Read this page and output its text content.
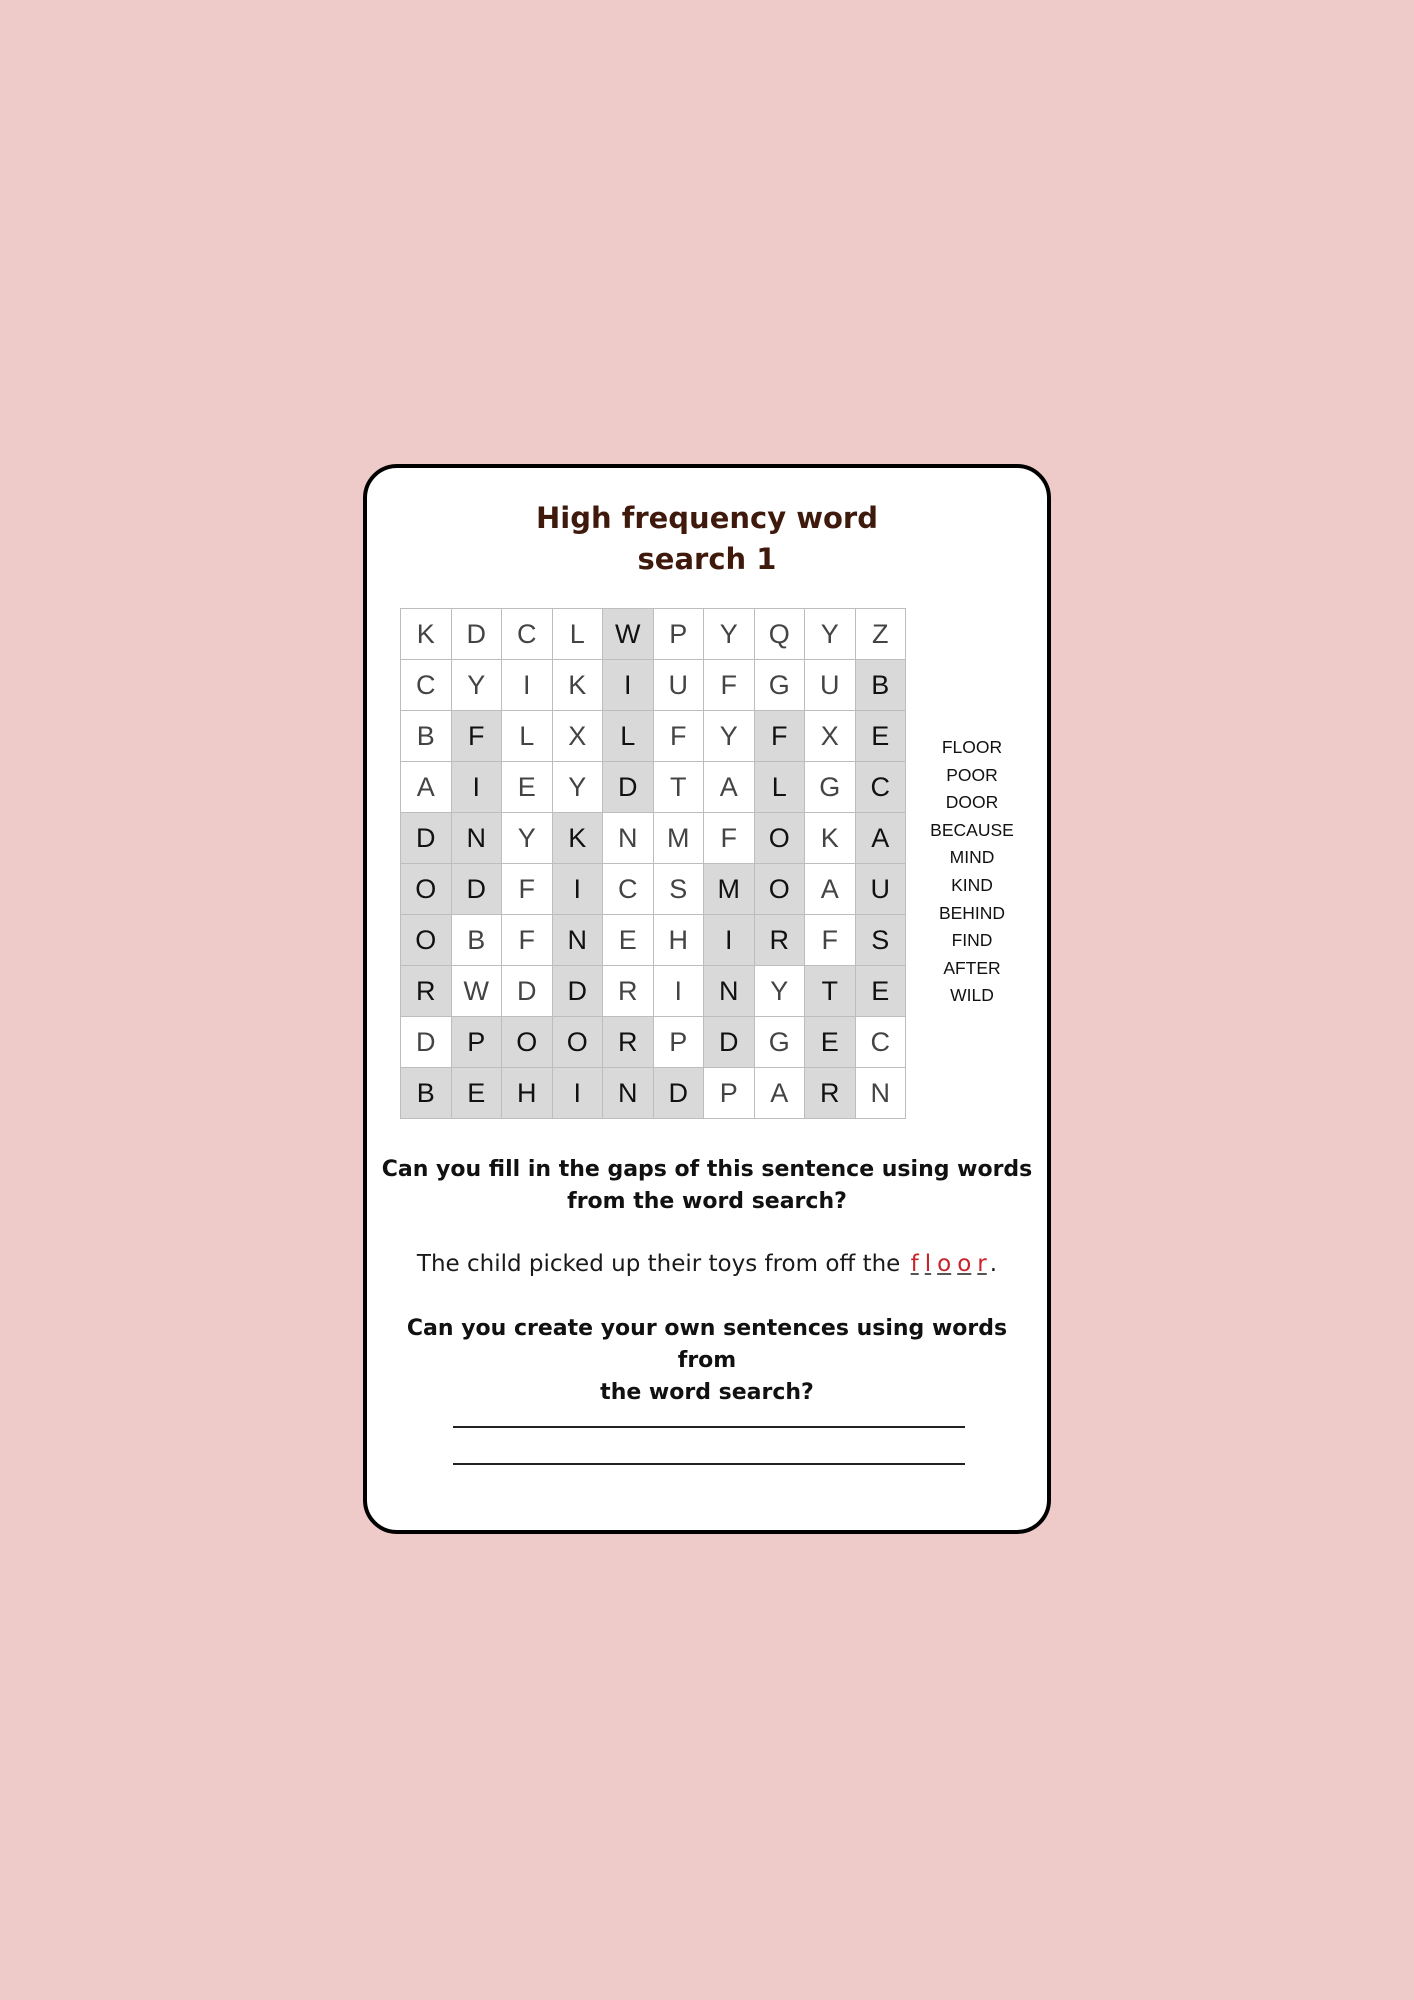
High frequency word
search 1
K	D	C	L	W	P	Y	Q	Y	Z
C	Y	I	K	I	U	F	G	U	B
B	F	L	X	L	F	Y	F	X	E
A	I	E	Y	D	T	A	L	G	C
D	N	Y	K	N	M	F	O	K	A
O	D	F	I	C	S	M	O	A	U
O	B	F	N	E	H	I	R	F	S
R	W	D	D	R	I	N	Y	T	E
D	P	O	O	R	P	D	G	E	C
B	E	H	I	N	D	P	A	R	N
FLOOR
POOR
DOOR
BECAUSE
MIND
KIND
BEHIND
FIND
AFTER
WILD
Can you fill in the gaps of this sentence using words
from the word search?
The child picked up their toys from off the f l o o r .
Can you create your own sentences using words from
the word search?
